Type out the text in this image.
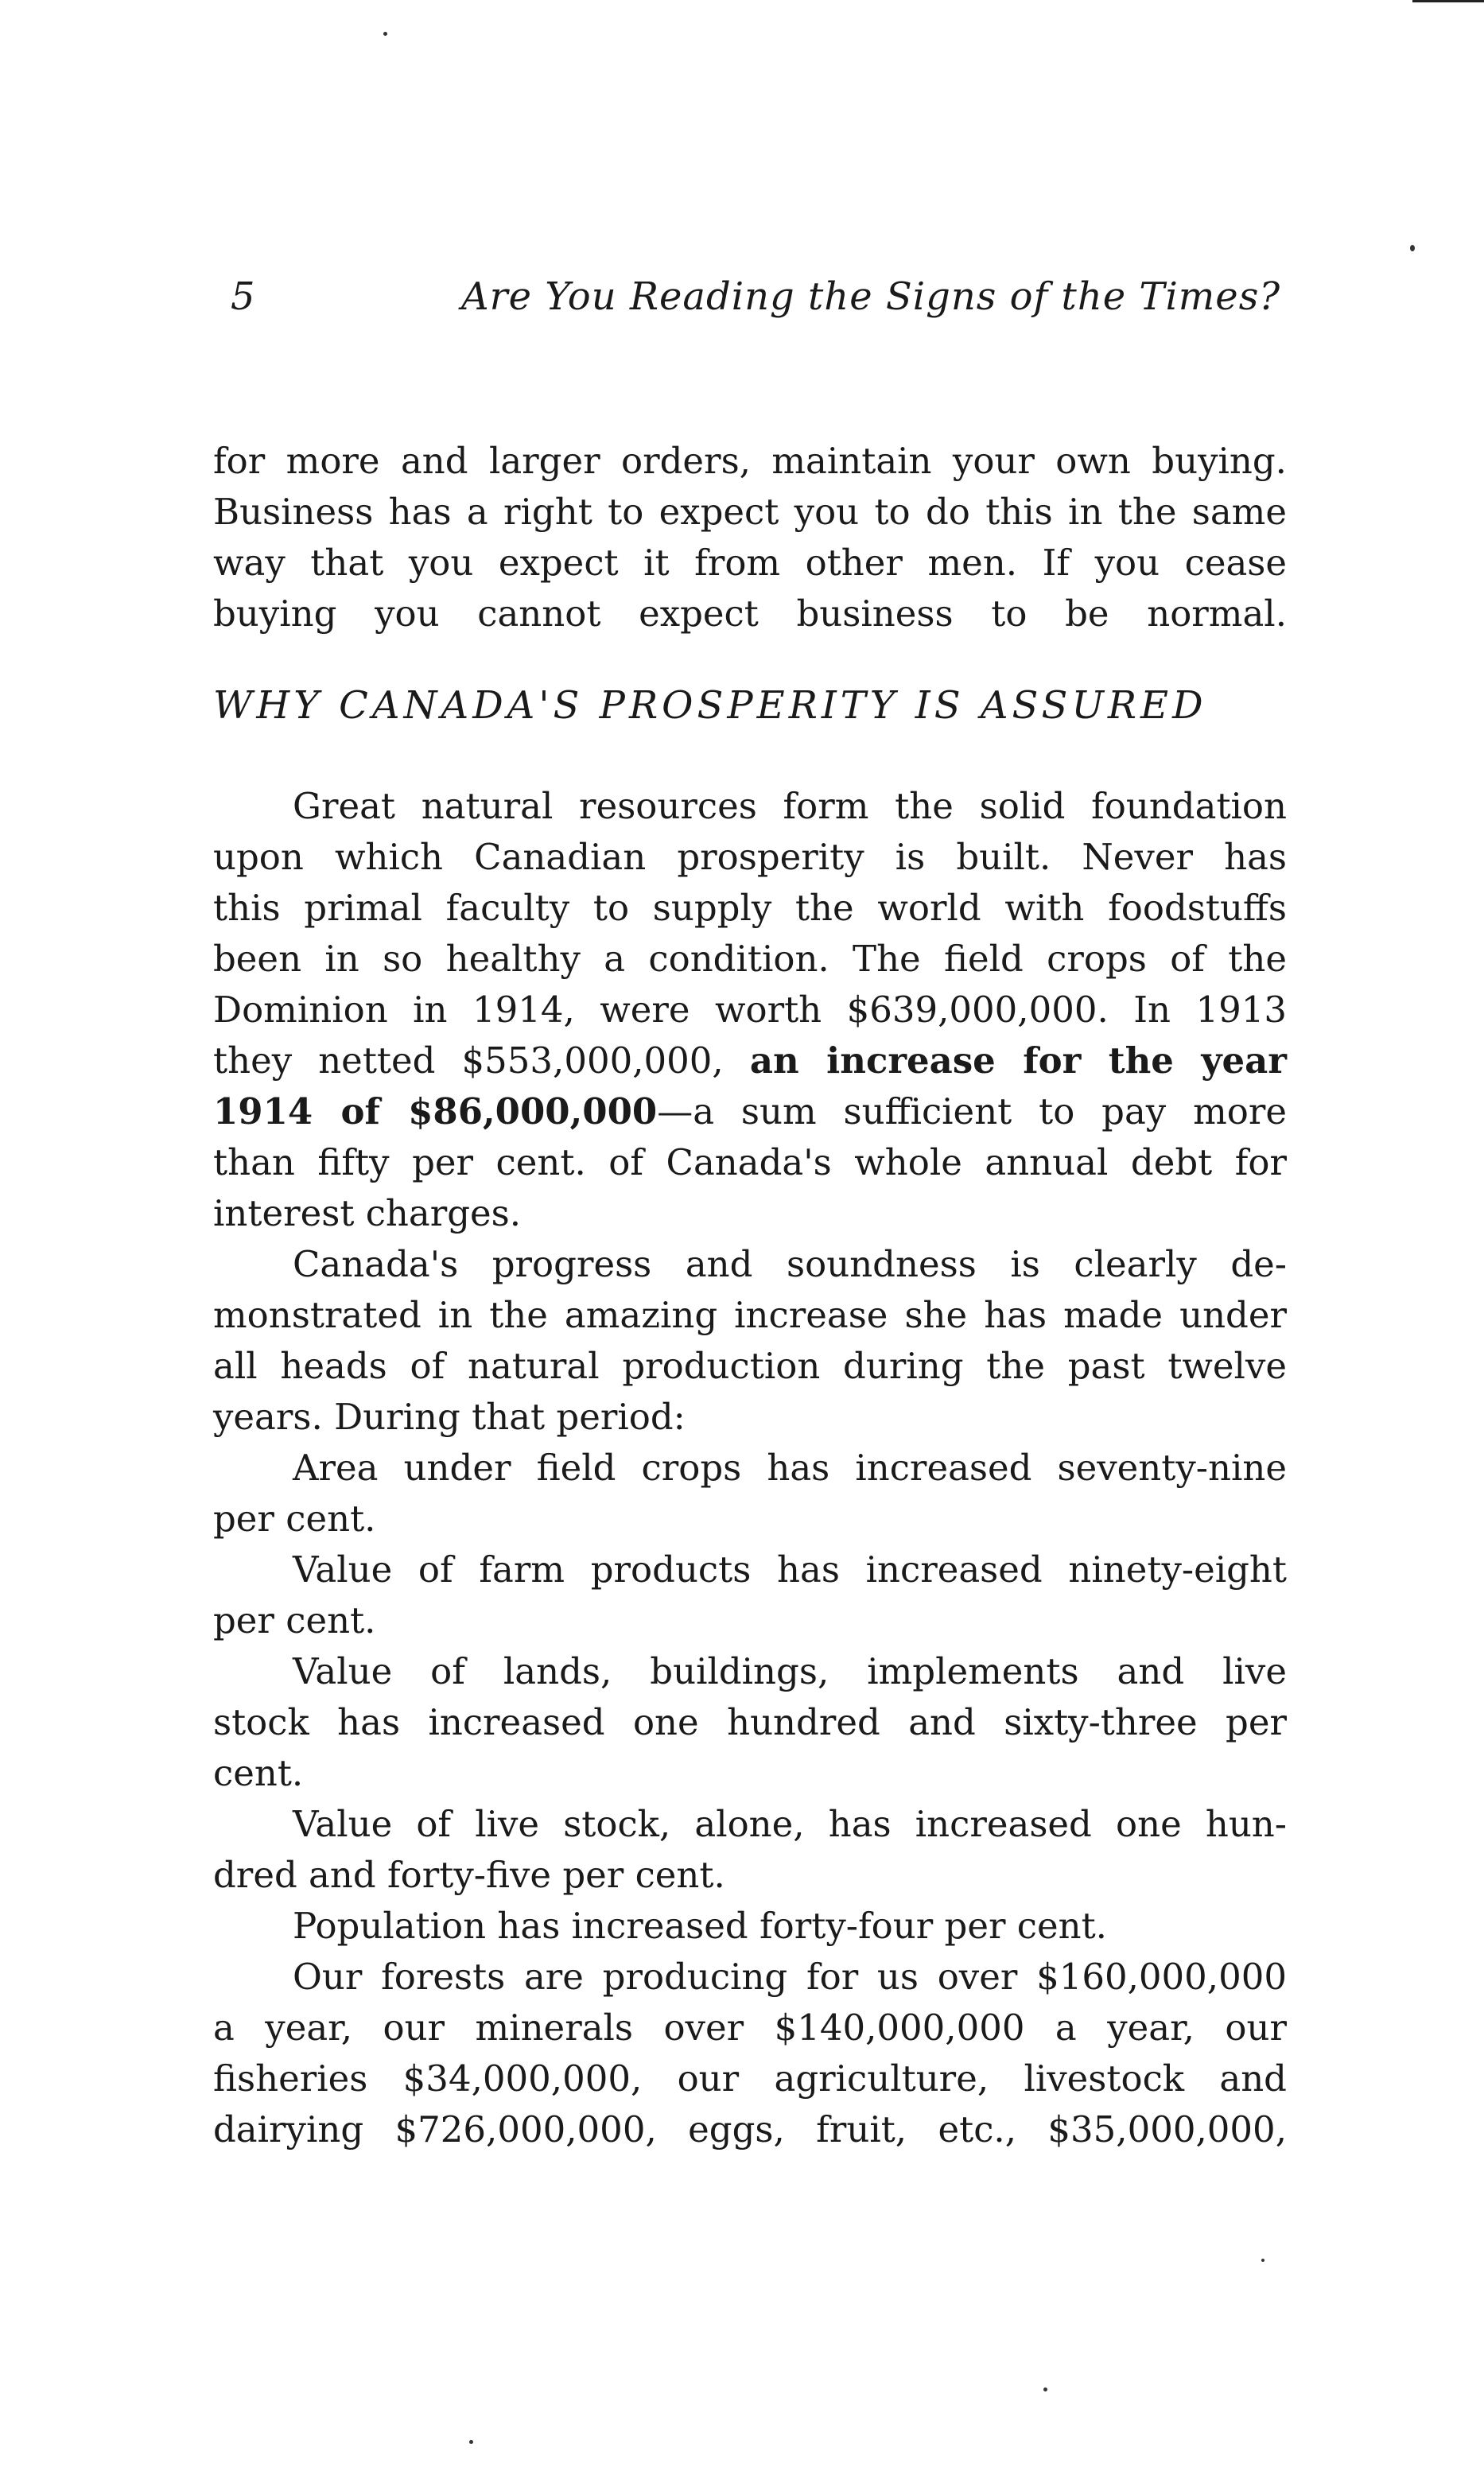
5	Are You Reading the Signs of the Times?
for more and larger orders, maintain your own buying.
Business has a right to expect you to do this in the same
way that you expect it from other men. If you cease
buying you cannot expect business to be normal.
WHY CANADA'S PROSPERITY IS ASSURED
Great natural resources form the solid foundation
upon which Canadian prosperity is built. Never has
this primal faculty to supply the world with foodstuffs
been in so healthy a condition. The field crops of the
Dominion in 1914, were worth $639,000,000. In 1913
they netted $553,000,000, an increase for the year
1914 of $86,000,000—a sum sufficient to pay more
than fifty per cent. of Canada's whole annual debt for
interest charges.
Canada's progress and soundness is clearly de-
monstrated in the amazing increase she has made under
all heads of natural production during the past twelve
years. During that period:
Area under field crops has increased seventy-nine
per cent.
Value of farm products has increased ninety-eight
per cent.
Value of lands, buildings, implements and live
stock has increased one hundred and sixty-three per
cent.
Value of live stock, alone, has increased one hun-
dred and forty-five per cent.
Population has increased forty-four per cent.
Our forests are producing for us over $160,000,000
a year, our minerals over $140,000,000 a year, our
fisheries $34,000,000, our agriculture, livestock and
dairying $726,000,000, eggs, fruit, etc., $35,000,000,
